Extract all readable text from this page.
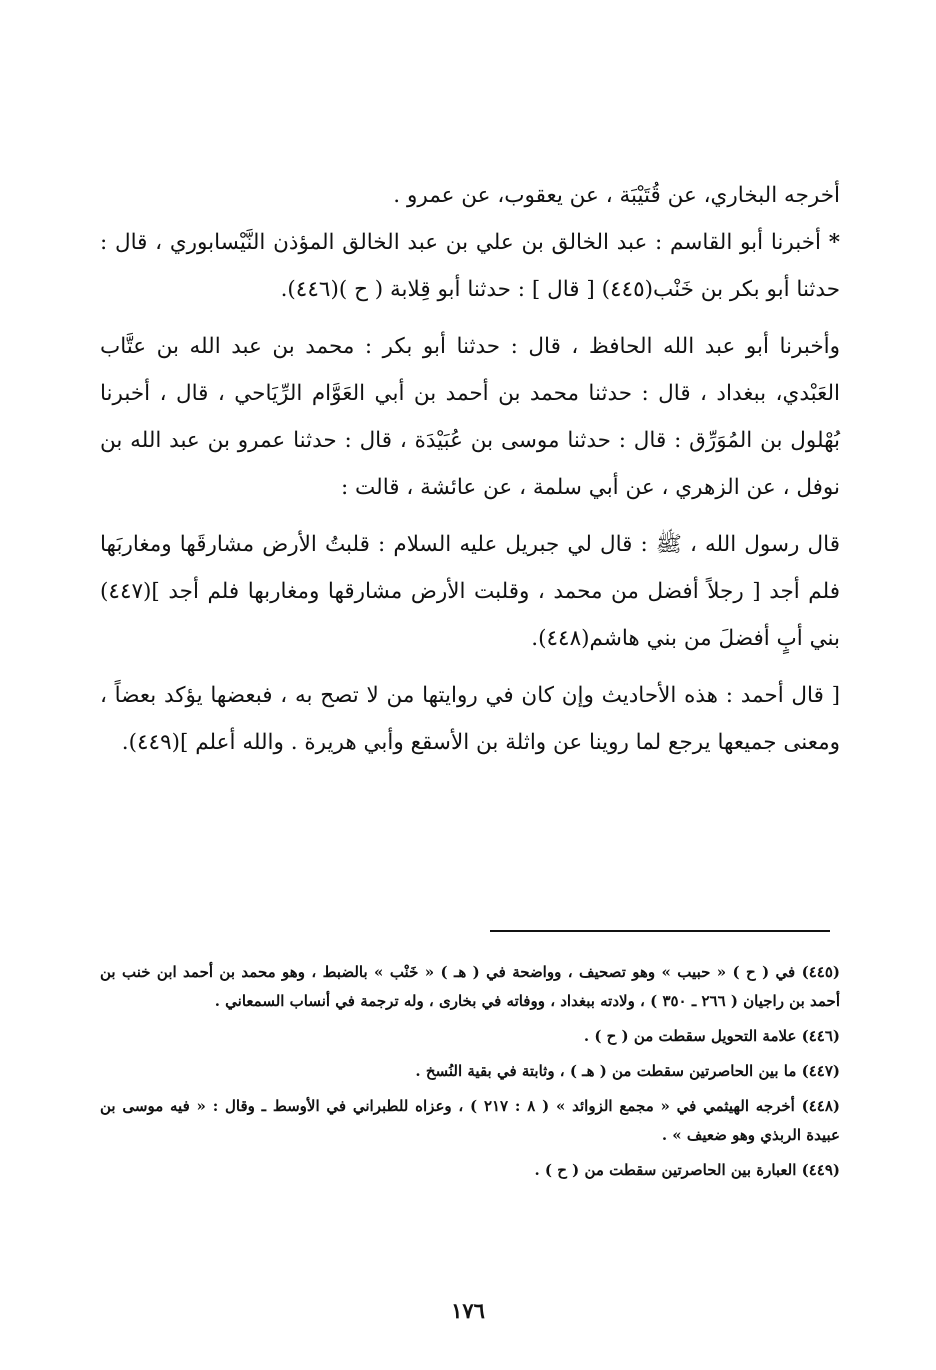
أخرجه البخاري، عن قُتَيْبَة ، عن يعقوب، عن عمرو .

* أخبرنا أبو القاسم : عبد الخالق بن علي بن عبد الخالق المؤذن النَّيْسابوري ، قال : حدثنا أبو بكر بن خَنْب(٤٤٥) [ قال ] : حدثنا أبو قِلابة ( ح )(٤٤٦).

وأخبرنا أبو عبد الله الحافظ ، قال : حدثنا أبو بكر : محمد بن عبد الله بن عتَّاب العَبْدي، ببغداد ، قال : حدثنا محمد بن أحمد بن أبي العَوَّام الرِّيَاحي ، قال ، أخبرنا بُهْلول بن المُوَرِّق : قال : حدثنا موسى بن عُبَيْدَة ، قال : حدثنا عمرو بن عبد الله بن نوفل ، عن الزهري ، عن أبي سلمة ، عن عائشة ، قالت :

قال رسول الله ، ﷺ : قال لي جبريل عليه السلام : قلبتُ الأرض مشارقَها ومغاربَها فلم أجد [ رجلاً أفضل من محمد ، وقلبت الأرض مشارقها ومغاربها فلم أجد ](٤٤٧) بني أبٍ أفضلَ من بني هاشم(٤٤٨).

[ قال أحمد : هذه الأحاديث وإن كان في روايتها من لا تصح به ، فبعضها يؤكد بعضاً ، ومعنى جميعها يرجع لما روينا عن واثلة بن الأسقع وأبي هريرة . والله أعلم ](٤٤٩).

(٤٤٥) في ( ح ) « حبيب » وهو تصحيف ، وواضحة في ( هـ ) « خَنْب » بالضبط ، وهو محمد بن أحمد ابن خنب بن أحمد بن راجيان ( ٢٦٦ ـ ٣٥٠ ) ، ولادته ببغداد ، ووفاته في بخارى ، وله ترجمة في أنساب السمعاني .

(٤٤٦) علامة التحويل سقطت من ( ح ) .

(٤٤٧) ما بين الحاصرتين سقطت من ( هـ ) ، وثابتة في بقية النُسخ .

(٤٤٨) أخرجه الهيثمي في « مجمع الزوائد » ( ٨ : ٢١٧ ) ، وعزاه للطبراني في الأوسط ـ وقال : « فيه موسى بن عبيدة الربذي وهو ضعيف » .

(٤٤٩) العبارة بين الحاصرتين سقطت من ( ح ) .

١٧٦
